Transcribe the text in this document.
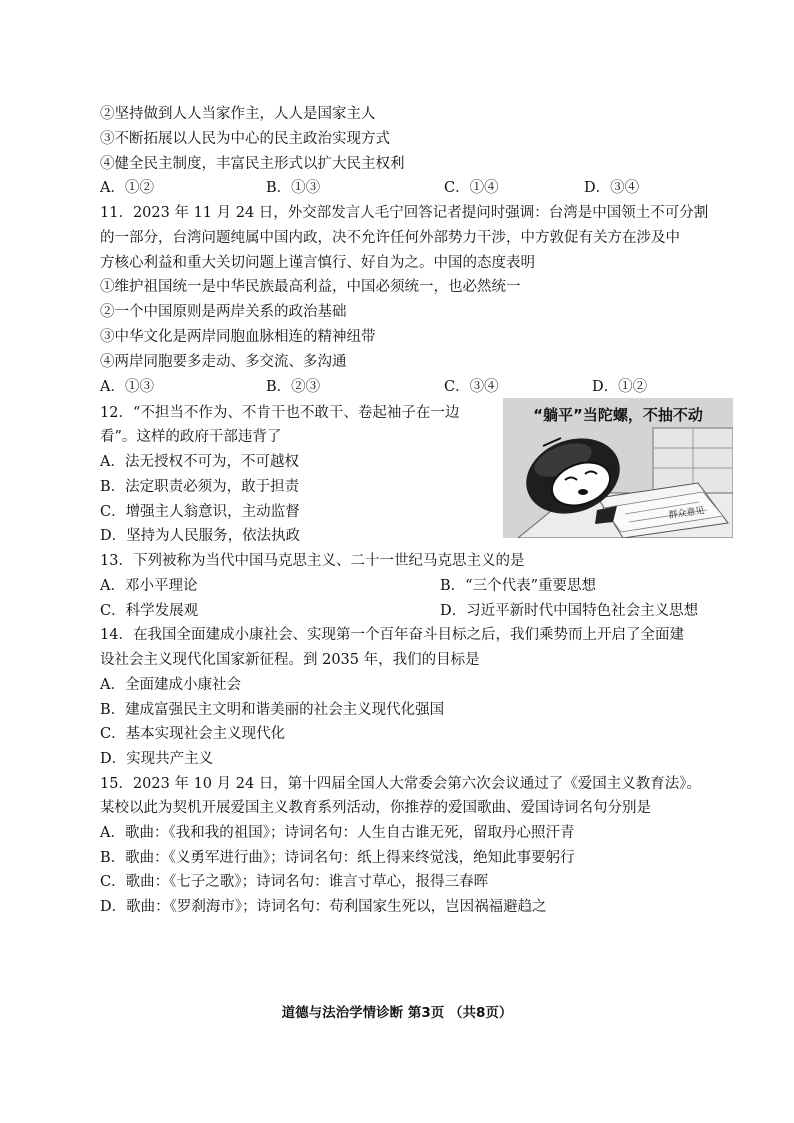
②坚持做到人人当家作主，人人是国家主人
③不断拓展以人民为中心的民主政治实现方式
④健全民主制度，丰富民主形式以扩大民主权利
A．①②	B．①③	C．①④	D．③④
11．2023 年 11 月 24 日，外交部发言人毛宁回答记者提问时强调：台湾是中国领土不可分割
的一部分，台湾问题纯属中国内政，决不允许任何外部势力干涉，中方敦促有关方在涉及中
方核心利益和重大关切问题上谨言慎行、好自为之。中国的态度表明
①维护祖国统一是中华民族最高利益，中国必须统一，也必然统一
②一个中国原则是两岸关系的政治基础
③中华文化是两岸同胞血脉相连的精神纽带
④两岸同胞要多走动、多交流、多沟通
A．①③	B．②③	C．③④	D．①②
12．“不担当不作为、不肯干也不敢干、卷起袖子在一边
看”。这样的政府干部违背了
A．法无授权不可为，不可越权
B．法定职责必须为，敢于担责
C．增强主人翁意识，主动监督
D．坚持为人民服务，依法执政
群众意见
“躺平”当陀螺，不抽不动
13．下列被称为当代中国马克思主义、二十一世纪马克思主义的是
A．邓小平理论	B．“三个代表”重要思想
C．科学发展观	D．习近平新时代中国特色社会主义思想
14．在我国全面建成小康社会、实现第一个百年奋斗目标之后，我们乘势而上开启了全面建
设社会主义现代化国家新征程。到 2035 年，我们的目标是
A．全面建成小康社会
B．建成富强民主文明和谐美丽的社会主义现代化强国
C．基本实现社会主义现代化
D．实现共产主义
15．2023 年 10 月 24 日，第十四届全国人大常委会第六次会议通过了《爱国主义教育法》。
某校以此为契机开展爱国主义教育系列活动，你推荐的爱国歌曲、爱国诗词名句分别是
A．歌曲：《我和我的祖国》；诗词名句：人生自古谁无死，留取丹心照汗青
B．歌曲：《义勇军进行曲》；诗词名句：纸上得来终觉浅，绝知此事要躬行
C．歌曲：《七子之歌》；诗词名句：谁言寸草心，报得三春晖
D．歌曲：《罗刹海市》；诗词名句：苟利国家生死以，岂因祸福避趋之
道德与法治学情诊断 第3页 （共8页）
